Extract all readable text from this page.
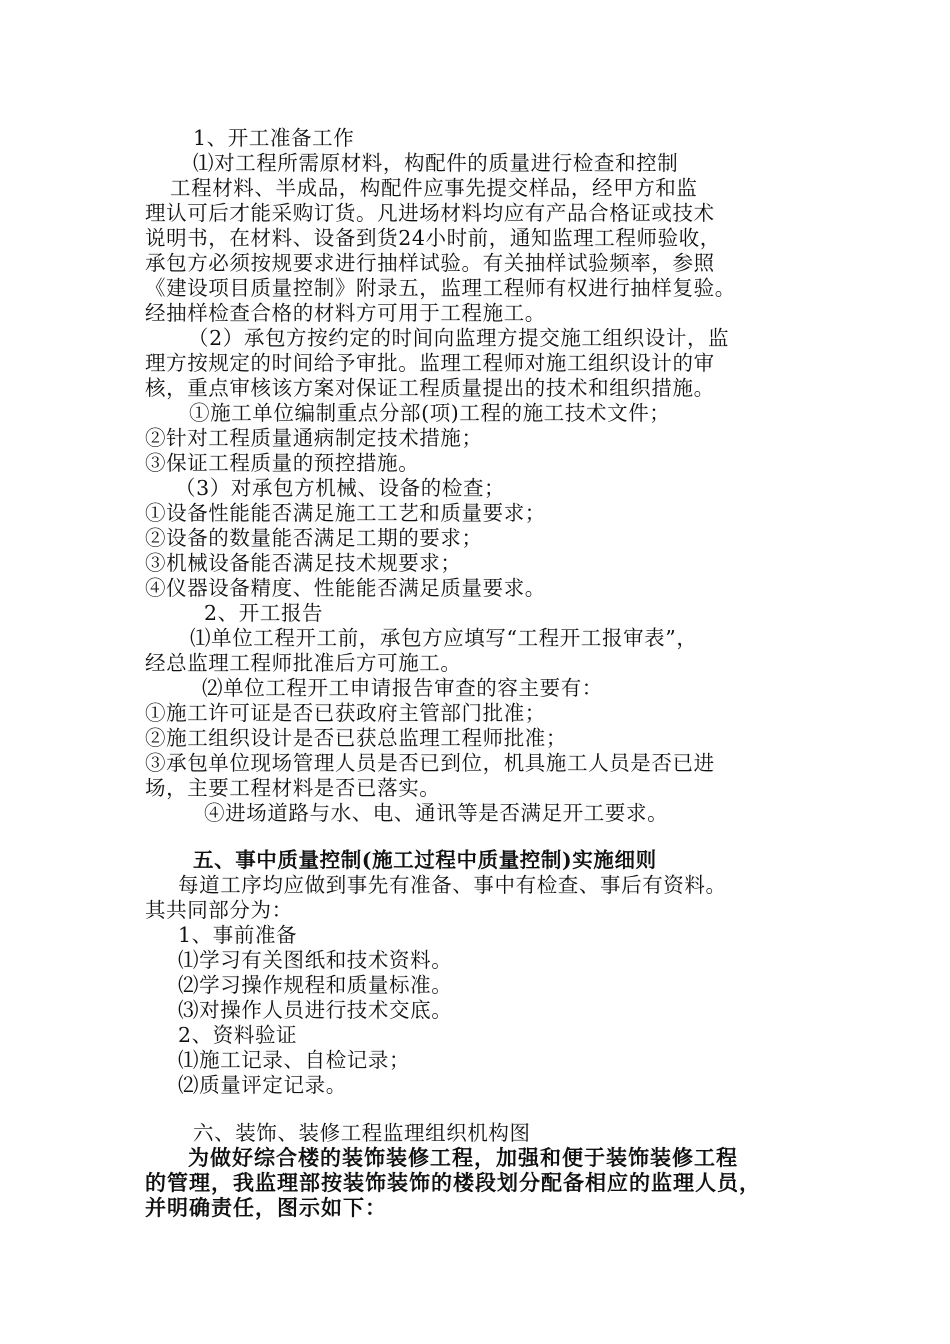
1、开工准备工作
⑴对工程所需原材料，构配件的质量进行检查和控制
工程材料、半成品，构配件应事先提交样品，经甲方和监
理认可后才能采购订货。凡进场材料均应有产品合格证或技术
说明书，在材料、设备到货24小时前，通知监理工程师验收，
承包方必须按规要求进行抽样试验。有关抽样试验频率，参照
《建设项目质量控制》附录五，监理工程师有权进行抽样复验。
经抽样检查合格的材料方可用于工程施工。
（2）承包方按约定的时间向监理方提交施工组织设计，监
理方按规定的时间给予审批。监理工程师对施工组织设计的审
核，重点审核该方案对保证工程质量提出的技术和组织措施。
①施工单位编制重点分部(项)工程的施工技术文件；
②针对工程质量通病制定技术措施；
③保证工程质量的预控措施。
（3）对承包方机械、设备的检查；
①设备性能能否满足施工工艺和质量要求；
②设备的数量能否满足工期的要求；
③机械设备能否满足技术规要求；
④仪器设备精度、性能能否满足质量要求。
2、开工报告
⑴单位工程开工前，承包方应填写“工程开工报审表”，
经总监理工程师批准后方可施工。
⑵单位工程开工申请报告审查的容主要有：
①施工许可证是否已获政府主管部门批准；
②施工组织设计是否已获总监理工程师批准；
③承包单位现场管理人员是否已到位，机具施工人员是否已进
场，主要工程材料是否已落实。
④进场道路与水、电、通讯等是否满足开工要求。
五、事中质量控制(施工过程中质量控制)实施细则
每道工序均应做到事先有准备、事中有检查、事后有资料。
其共同部分为：
1、事前准备
⑴学习有关图纸和技术资料。
⑵学习操作规程和质量标准。
⑶对操作人员进行技术交底。
2、资料验证
⑴施工记录、自检记录；
⑵质量评定记录。
六、装饰、装修工程监理组织机构图
为做好综合楼的装饰装修工程，加强和便于装饰装修工程
的管理，我监理部按装饰装饰的楼段划分配备相应的监理人员，
并明确责任，图示如下：
